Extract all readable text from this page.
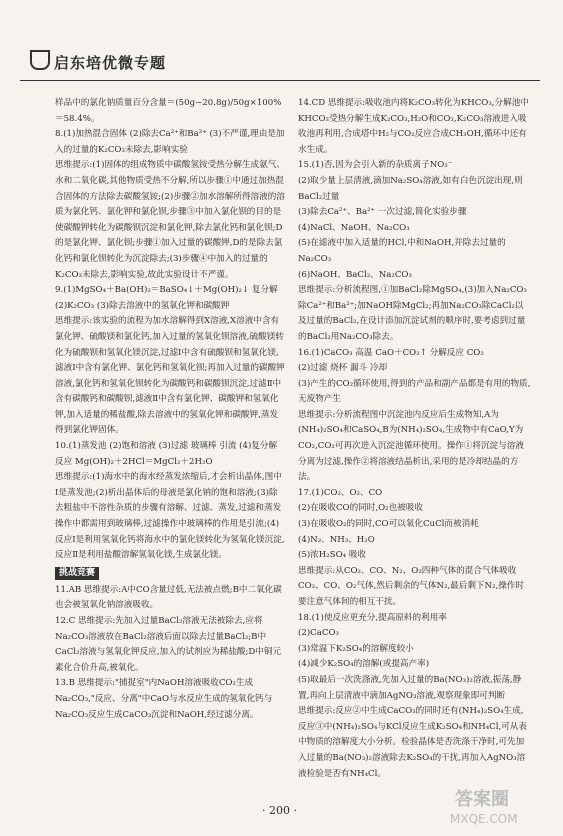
启东培优微专题

样品中的氯化钠质量百分含量＝(50g−20.8g)/50g×100%＝58.4%。

8.(1)加热混合固体 (2)除去Ca²⁺和Ba²⁺ (3)不严谨,理由是加入的过量的K₂CO₃未除去,影响实验

思维提示:(1)固体的组成物质中碳酸氢铵受热分解生成氨气、水和二氧化碳,其他物质受热不分解,所以步骤①中通过加热混合固体的方法除去碳酸氢铵;(2)步骤②加水溶解所得溶液的溶质为氯化钙、氯化钾和氯化钡,步骤③中加入氯化钡的目的是使碳酸钾转化为碳酸钡沉淀和氯化钾,除去氯化钙和氯化钡;D的是氯化钾、氯化钡;步骤①加入过量的碳酸钾,D的是除去氯化钙和氯化钡转化为沉淀除去;(3)步骤④中加入的过量的K₂CO₃未除去,影响实验,故此实验设计不严谨。

9.(1)MgSO₄＋Ba(OH)₂＝BaSO₄↓＋Mg(OH)₂↓ 复分解

(2)K₂CO₃ (3)除去溶液中的氢氧化钾和碳酸钾

思维提示:该实验的流程为加水溶解得到X溶液,X溶液中含有氯化钾、硫酸镁和氯化钙,加入过量的氢氧化钡溶液,硫酸镁转化为硫酸钡和氢氧化镁沉淀,过滤Ⅰ中含有硫酸钡和氢氧化镁,滤液Ⅰ中含有氯化钾、氯化钙和氢氧化钡;再加入过量的碳酸钾溶液,氯化钙和氢氧化钡转化为碳酸钙和碳酸钡沉淀,过滤Ⅱ中含有碳酸钙和碳酸钡,滤液Ⅱ中含有氯化钾、碳酸钾和氢氧化钾,加入适量的稀盐酸,除去溶液中的氢氧化钾和碳酸钾,蒸发得到氯化钾固体。

10.(1)蒸发池 (2)饱和溶液 (3)过滤 玻璃棒 引流 (4)复分解反应 Mg(OH)₂＋2HCl＝MgCl₂＋2H₂O

思维提示:(1)海水中的海水经蒸发浓缩后,才会析出晶体,图中Ⅰ是蒸发池;(2)析出晶体后的母液是氯化钠的饱和溶液;(3)除去粗盐中不溶性杂质的步骤有溶解、过滤、蒸发,过滤和蒸发操作中都需用到玻璃棒,过滤操作中玻璃棒的作用是引流;(4)反应Ⅰ是利用氢氧化钙将海水中的氯化镁转化为氢氧化镁沉淀,反应Ⅱ是利用盐酸溶解氢氧化镁,生成氯化镁。

挑战竞赛

11.AB 思维提示:A中CO含量过低,无法被点燃;B中二氧化碳也会被氢氧化钠溶液吸收。

12.C 思维提示:先加入过量BaCl₂溶液无法被除去,应将Na₂CO₃溶液放在BaCl₂溶液后面以除去过量BaCl₂;B中CaCl₂溶液与氢氧化钾反应,加入的试剂应为稀盐酸;D中铜元素化合价升高,被氧化。

13.B 思维提示:"捕捉室"内NaOH溶液吸收CO₂生成Na₂CO₃,"反应、分离"中CaO与水反应生成的氢氧化钙与Na₂CO₃反应生成CaCO₃沉淀和NaOH,经过滤分离。

14.CD 思维提示:吸收池内将K₂CO₃转化为KHCO₃,分解池中KHCO₃受热分解生成K₂CO₃,H₂O和CO₂,K₂CO₃溶液进入吸收池再利用,合成塔中H₂与CO₂反应合成CH₃OH,循环中还有水生成。

15.(1)否,因为会引入新的杂质离子NO₃⁻

(2)取少量上层清液,滴加Na₂SO₄溶液,如有白色沉淀出现,则BaCl₂过量

(3)除去Ca²⁺、Ba²⁺ 一次过滤,简化实验步骤

(4)NaCl、NaOH、Na₂CO₃

(5)在滤液中加入适量的HCl,中和NaOH,并除去过量的Na₂CO₃

(6)NaOH、BaCl₂、Na₂CO₃

思维提示:分析流程图,①加BaCl₂除MgSO₄,(3)加入Na₂CO₃除Ca²⁺和Ba²⁺;加NaOH除MgCl₂;再加Na₂CO₃除CaCl₂以及过量的BaCl₂,在设计添加沉淀试剂的顺序时,要考虑到过量的BaCl₂用Na₂CO₃除去。

16.(1)CaCO₃ 高温 CaO＋CO₂↑ 分解反应 CO₂

(2)过滤 烧杯 漏斗 冷却

(3)产生的CO₂循环使用,得到的产品和副产品都是有用的物质,无废物产生

思维提示:分析流程图中沉淀池内反应后生成物知,A为(NH₄)₂SO₄和CaSO₄,B为(NH₄)₂SO₄,生成物中有CaO,Y为CO₂,CO₂可再次进入沉淀池循环使用。操作①将沉淀与溶液分离为过滤,操作②将溶液结晶析出,采用的是冷却结晶的方法。

17.(1)CO₂、O₂、CO

(2)在吸收CO的同时,O₂也被吸收

(3)在吸收O₂的同时,CO可以氧化CuCl而被消耗

(4)N₂、NH₃、H₂O

(5)浓H₂SO₄ 吸收

思维提示:从CO₂、CO、N₂、O₂四种气体的混合气体吸收CO₂、CO、O₂气体,然后剩余的气体N₂,最后剩下N₂,操作时要注意气体间的相互干扰。

18.(1)使反应更充分,提高原料的利用率

(2)CaCO₃

(3)常温下K₂SO₄的溶解度较小

(4)减少K₂SO₄的溶解(或提高产率)

(5)取最后一次洗涤液,先加入过量的Ba(NO₃)₂溶液,振荡,静置,再向上层清液中滴加AgNO₃溶液,观察现象即可判断

思维提示:反应②中生成CaCO₃的同时还有(NH₄)₂SO₄生成,反应③中(NH₄)₂SO₄与KCl反应生成K₂SO₄和NH₄Cl,可从表中物质的溶解度大小分析。检验晶体是否洗涤干净时,可先加入过量的Ba(NO₃)₂溶液除去K₂SO₄的干扰,再加入AgNO₃溶液检验是否有NH₄Cl。

· 200 ·
答案圈
MXQE.COM
